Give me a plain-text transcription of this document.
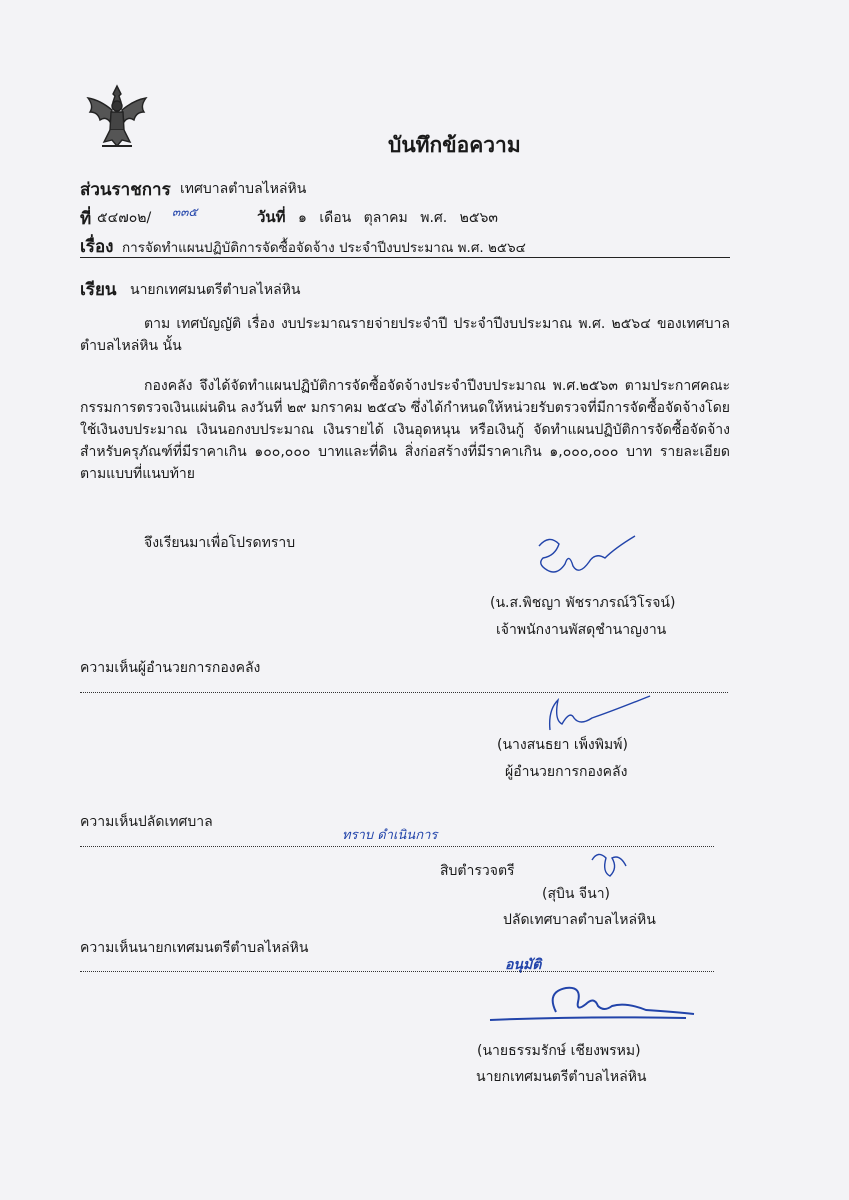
บันทึกข้อความ
ส่วนราชการ เทศบาลตำบลไหล่หิน
ที่ ๕๔๗๐๒/ ๓๓๕	วันที่ ๑ เดือน ตุลาคม พ.ศ. ๒๕๖๓
เรื่อง การจัดทำแผนปฏิบัติการจัดซื้อจัดจ้าง ประจำปีงบประมาณ พ.ศ. ๒๕๖๔
เรียน นายกเทศมนตรีตำบลไหล่หิน
ตาม เทศบัญญัติ เรื่อง งบประมาณรายจ่ายประจำปี ประจำปีงบประมาณ พ.ศ. ๒๕๖๔ ของเทศบาลตำบลไหล่หิน นั้น
กองคลัง จึงได้จัดทำแผนปฏิบัติการจัดซื้อจัดจ้างประจำปีงบประมาณ พ.ศ.๒๕๖๓ ตามประกาศคณะกรรมการตรวจเงินแผ่นดิน ลงวันที่ ๒๙ มกราคม ๒๕๔๖ ซึ่งได้กำหนดให้หน่วยรับตรวจที่มีการจัดซื้อจัดจ้างโดยใช้เงินงบประมาณ เงินนอกงบประมาณ เงินรายได้ เงินอุดหนุน หรือเงินกู้ จัดทำแผนปฏิบัติการจัดซื้อจัดจ้าง สำหรับครุภัณฑ์ที่มีราคาเกิน ๑๐๐,๐๐๐ บาทและที่ดิน สิ่งก่อสร้างที่มีราคาเกิน ๑,๐๐๐,๐๐๐ บาท รายละเอียดตามแบบที่แนบท้าย
จึงเรียนมาเพื่อโปรดทราบ
(น.ส.พิชญา พัชราภรณ์วิโรจน์)
เจ้าพนักงานพัสดุชำนาญงาน
ความเห็นผู้อำนวยการกองคลัง
(นางสนธยา เพ็งพิมพ์)
ผู้อำนวยการกองคลัง
ความเห็นปลัดเทศบาล
ทราบ ดำเนินการ
สิบตำรวจตรี
(สุบิน จีนา)
ปลัดเทศบาลตำบลไหล่หิน
ความเห็นนายกเทศมนตรีตำบลไหล่หิน
อนุมัติ
(นายธรรมรักษ์ เชียงพรหม)
นายกเทศมนตรีตำบลไหล่หิน
